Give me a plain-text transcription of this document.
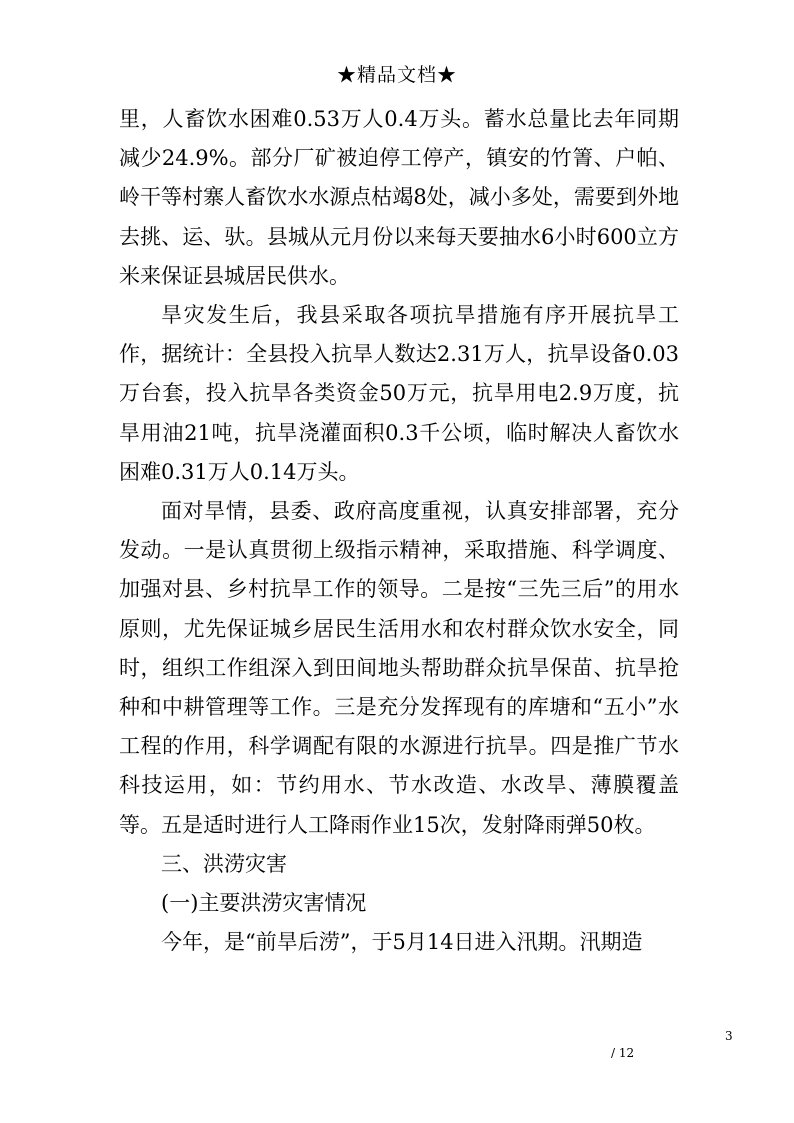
★精品文档★

里，人畜饮水困难0.53万人0.4万头。蓄水总量比去年同期减少24.9%。部分厂矿被迫停工停产，镇安的竹箐、户帕、岭干等村寨人畜饮水水源点枯竭8处，减小多处，需要到外地去挑、运、驮。县城从元月份以来每天要抽水6小时600立方米来保证县城居民供水。

旱灾发生后，我县采取各项抗旱措施有序开展抗旱工作，据统计：全县投入抗旱人数达2.31万人，抗旱设备0.03万台套，投入抗旱各类资金50万元，抗旱用电2.9万度，抗旱用油21吨，抗旱浇灌面积0.3千公顷，临时解决人畜饮水困难0.31万人0.14万头。

面对旱情，县委、政府高度重视，认真安排部署，充分发动。一是认真贯彻上级指示精神，采取措施、科学调度、加强对县、乡村抗旱工作的领导。二是按“三先三后”的用水原则，尤先保证城乡居民生活用水和农村群众饮水安全，同时，组织工作组深入到田间地头帮助群众抗旱保苗、抗旱抢种和中耕管理等工作。三是充分发挥现有的库塘和“五小”水工程的作用，科学调配有限的水源进行抗旱。四是推广节水科技运用，如：节约用水、节水改造、水改旱、薄膜覆盖等。五是适时进行人工降雨作业15次，发射降雨弹50枚。

三、洪涝灾害

(一)主要洪涝灾害情况

今年，是“前旱后涝”，于5月14日进入汛期。汛期造

3
/ 12
